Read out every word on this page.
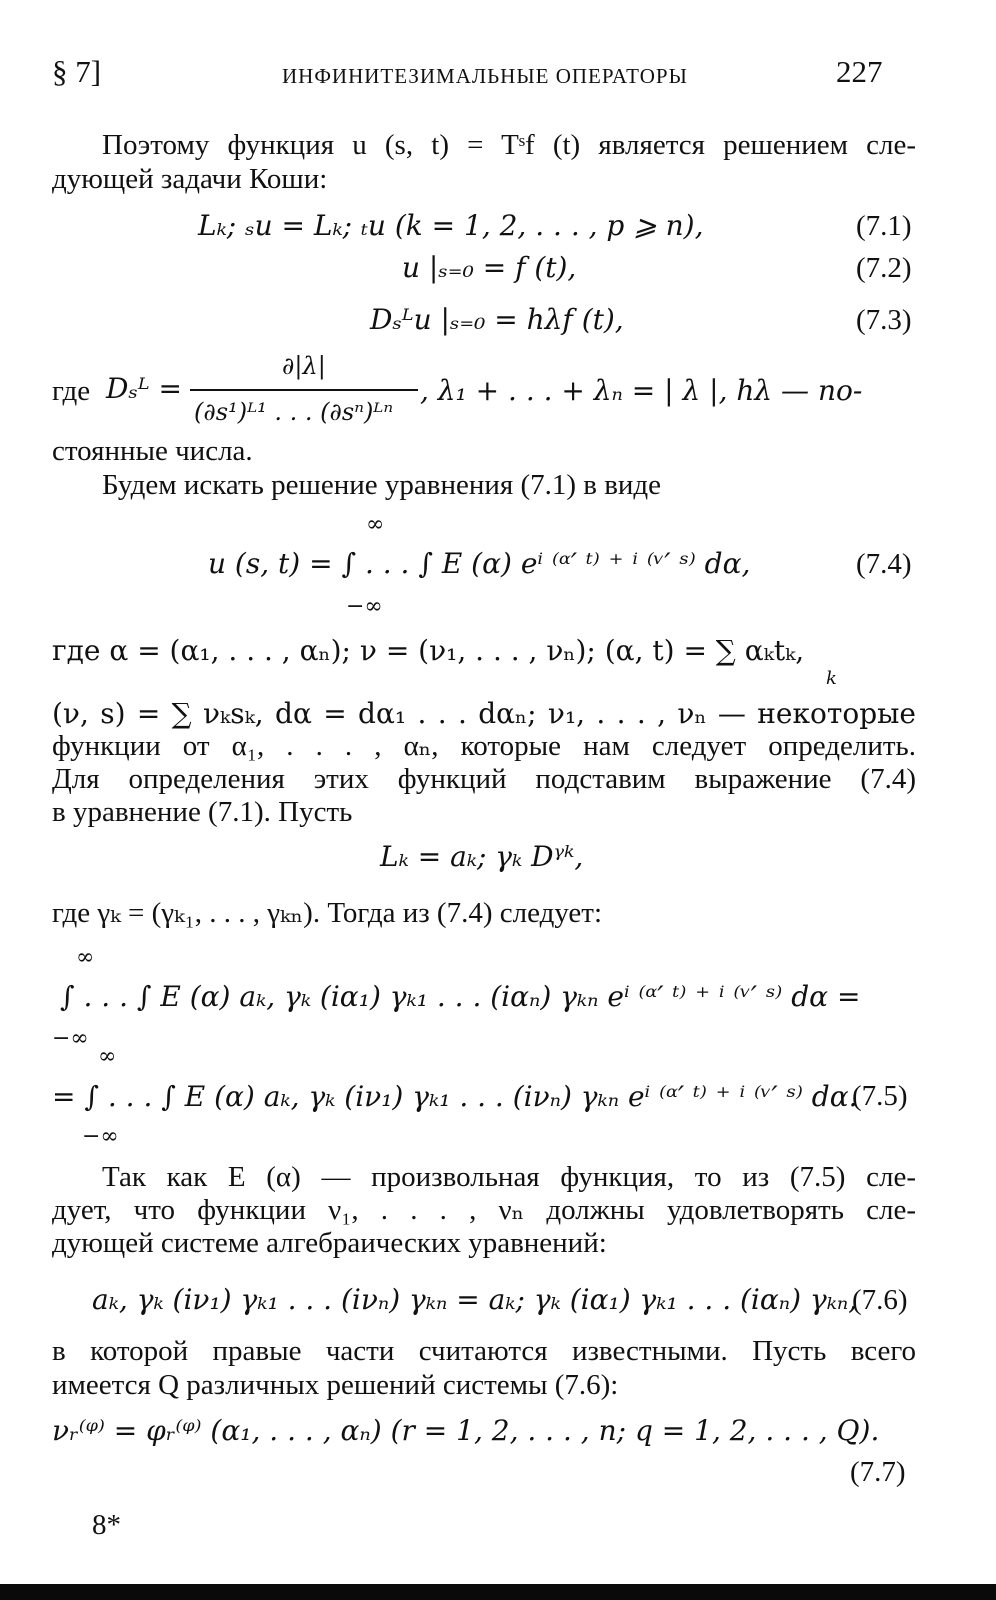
§ 7]	ИНФИНИТЕЗИМАЛЬНЫЕ ОПЕРАТОРЫ	227
Поэтому функция u (s, t) = Tˢf (t) является решением сле-
дующей задачи Коши:
Lₖ; ₛu = Lₖ; ₜu (k = 1, 2, . . . , p ⩾ n),	(7.1)
u |ₛ₌₀ = f (t),	(7.2)
Dₛᴸu |ₛ₌₀ = hλf (t),	(7.3)
где Dₛᴸ =
∂|λ|
(∂s¹)ᴸ¹ . . . (∂sⁿ)ᴸⁿ
, λ₁ + . . . + λₙ = | λ |, hλ — по-
стоянные числа.
Будем искать решение уравнения (7.1) в виде
∞
u (s, t) = ∫ . . . ∫ E (α) eⁱ ⁽ᵅ′ ᵗ⁾ ⁺ ⁱ ⁽ᵛ′ ˢ⁾ dα,
−∞
(7.4)
где α = (α₁, . . . , αₙ); ν = (ν₁, . . . , νₙ); (α, t) = ∑ αₖtₖ,
k
(ν, s) = ∑ νₖsₖ, dα = dα₁ . . . dαₙ; ν₁, . . . , νₙ — некоторые
функции от α₁, . . . , αₙ, которые нам следует определить.
Для определения этих функций подставим выражение (7.4)
в уравнение (7.1). Пусть
Lₖ = aₖ; γₖ Dᵞᵏ,
где γₖ = (γₖ₁, . . . , γₖₙ). Тогда из (7.4) следует:
∞
∫ . . . ∫ E (α) aₖ, γₖ (iα₁) γₖ₁ . . . (iαₙ) γₖₙ eⁱ ⁽ᵅ′ ᵗ⁾ ⁺ ⁱ ⁽ᵛ′ ˢ⁾ dα =
−∞
∞
= ∫ . . . ∫ E (α) aₖ, γₖ (iν₁) γₖ₁ . . . (iνₙ) γₖₙ eⁱ ⁽ᵅ′ ᵗ⁾ ⁺ ⁱ ⁽ᵛ′ ˢ⁾ dα.
−∞
(7.5)
Так как E (α) — произвольная функция, то из (7.5) сле-
дует, что функции ν₁, . . . , νₙ должны удовлетворять сле-
дующей системе алгебраических уравнений:
aₖ, γₖ (iν₁) γₖ₁ . . . (iνₙ) γₖₙ = aₖ; γₖ (iα₁) γₖ₁ . . . (iαₙ) γₖₙ,
(7.6)
в которой правые части считаются известными. Пусть всего
имеется Q различных решений системы (7.6):
νᵣ⁽ᵠ⁾ = φᵣ⁽ᵠ⁾ (α₁, . . . , αₙ) (r = 1, 2, . . . , n; q = 1, 2, . . . , Q).
(7.7)
8*
